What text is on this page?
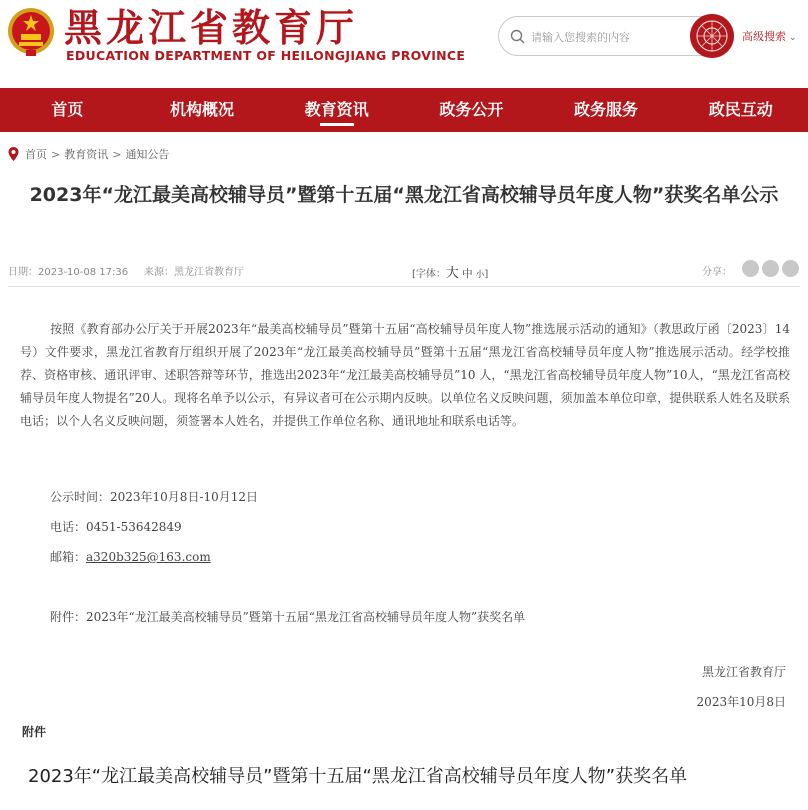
黑龙江省教育厅
EDUCATION DEPARTMENT OF HEILONGJIANG PROVINCE
请输入您搜索的内容
高级搜索 ⌄
首页	机构概况	教育资讯	政务公开	政务服务	政民互动
首页 > 教育资讯 > 通知公告
2023年“龙江最美高校辅导员”暨第十五届“黑龙江省高校辅导员年度人物”获奖名单公示
日期：2023-10-08 17:36 来源：黑龙江省教育厅	[字体：大 中 小]	分享：
按照《教育部办公厅关于开展2023年“最美高校辅导员”暨第十五届“高校辅导员年度人物”推选展示活动的通知》（教思政厅函〔2023〕14 号）文件要求，黑龙江省教育厅组织开展了2023年“龙江最美高校辅导员”暨第十五届“黑龙江省高校辅导员年度人物”推选展示活动。经学校推荐、资格审核、通讯评审、述职答辩等环节，推选出2023年“龙江最美高校辅导员”10 人，“黑龙江省高校辅导员年度人物”10人，“黑龙江省高校辅导员年度人物提名”20人。现将名单予以公示，有异议者可在公示期内反映。以单位名义反映问题，须加盖本单位印章，提供联系人姓名及联系电话；以个人名义反映问题，须签署本人姓名，并提供工作单位名称、通讯地址和联系电话等。
公示时间：2023年10月8日-10月12日
电话：0451-53642849
邮箱：a320b325@163.com
附件：2023年“龙江最美高校辅导员”暨第十五届“黑龙江省高校辅导员年度人物”获奖名单
黑龙江省教育厅
2023年10月8日
附件
2023年“龙江最美高校辅导员”暨第十五届“黑龙江省高校辅导员年度人物”获奖名单
